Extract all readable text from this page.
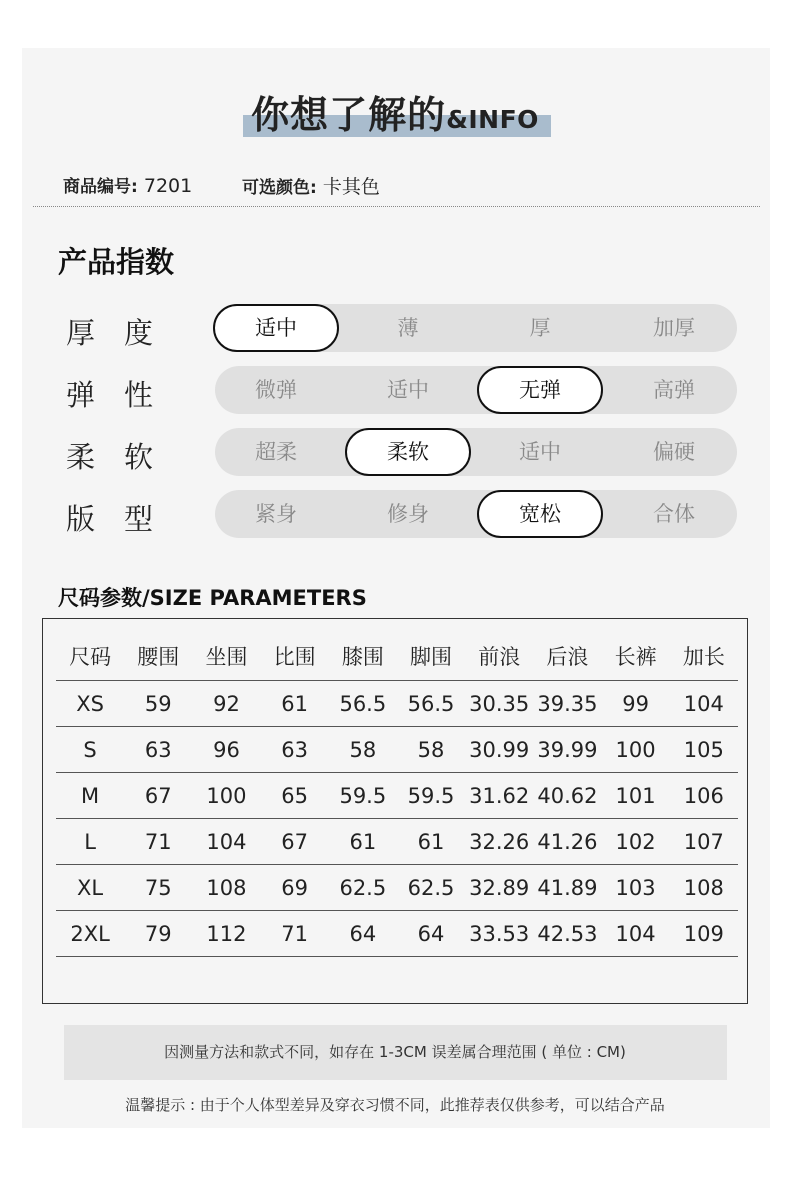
你想了解的&INFO
商品编号: 7201	可选颜色: 卡其色
产品指数
厚度	适中	薄	厚	加厚
弹性	微弹	适中	无弹	高弹
柔软	超柔	柔软	适中	偏硬
版型	紧身	修身	宽松	合体
尺码参数/SIZE PARAMETERS
尺码	腰围	坐围	比围	膝围	脚围	前浪	后浪	长裤	加长
XS	59	92	61	56.5	56.5	30.35	39.35	99	104
S	63	96	63	58	58	30.99	39.99	100	105
M	67	100	65	59.5	59.5	31.62	40.62	101	106
L	71	104	67	61	61	32.26	41.26	102	107
XL	75	108	69	62.5	62.5	32.89	41.89	103	108
2XL	79	112	71	64	64	33.53	42.53	104	109
因测量方法和款式不同，如存在 1-3CM 误差属合理范围 ( 单位 : CM)
温馨提示 : 由于个人体型差异及穿衣习惯不同，此推荐表仅供参考，可以结合产品
